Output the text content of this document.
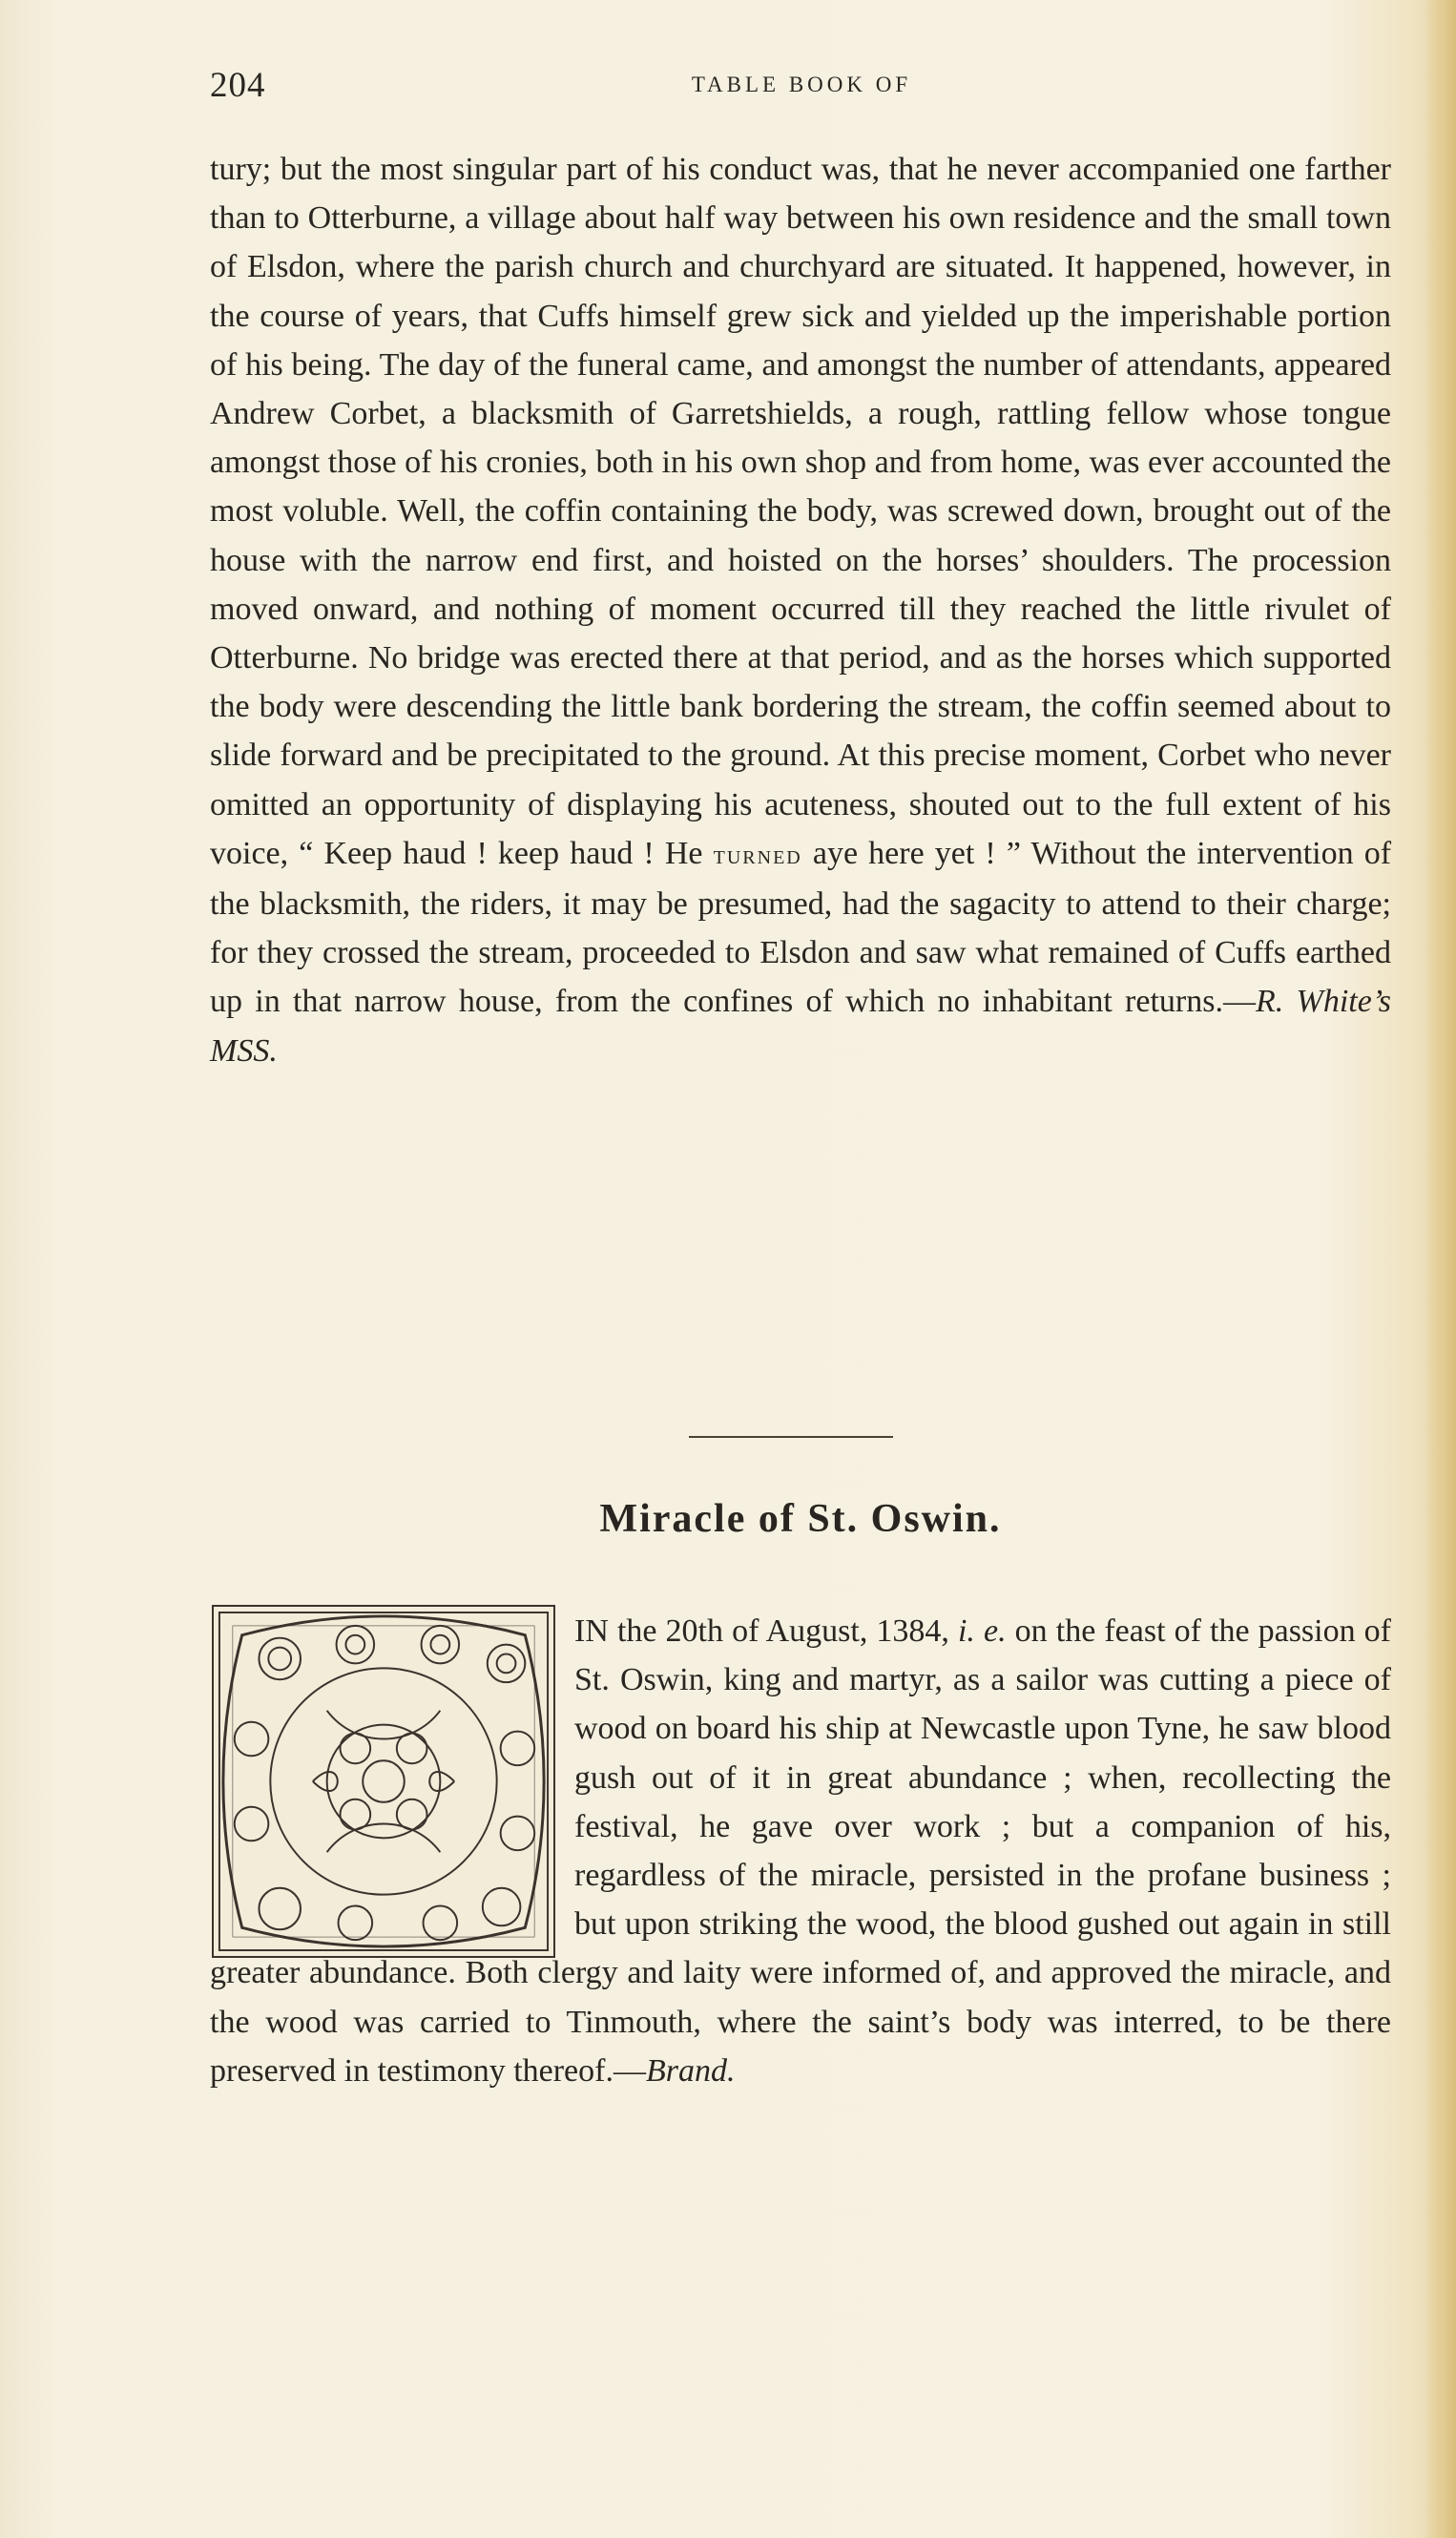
204	TABLE BOOK OF

tury; but the most singular part of his conduct was, that he never accompanied one farther than to Otterburne, a village about half way between his own residence and the small town of Elsdon, where the parish church and churchyard are situated. It happened, however, in the course of years, that Cuffs himself grew sick and yielded up the imperishable portion of his being. The day of the funeral came, and amongst the number of attendants, appeared Andrew Corbet, a blacksmith of Garretshields, a rough, rattling fellow whose tongue amongst those of his cronies, both in his own shop and from home, was ever accounted the most voluble. Well, the coffin containing the body, was screwed down, brought out of the house with the narrow end first, and hoisted on the horses’ shoulders. The procession moved onward, and nothing of moment occurred till they reached the little rivulet of Otterburne. No bridge was erected there at that period, and as the horses which supported the body were descending the little bank bordering the stream, the coffin seemed about to slide forward and be precipitated to the ground. At this precise moment, Corbet who never omitted an opportunity of displaying his acuteness, shouted out to the full extent of his voice, “ Keep haud ! keep haud ! He turned aye here yet ! ” Without the intervention of the blacksmith, the riders, it may be presumed, had the sagacity to attend to their charge; for they crossed the stream, proceeded to Elsdon and saw what remained of Cuffs earthed up in that narrow house, from the confines of which no inhabitant returns.—R. White’s MSS.

Miracle of St. Oswin.

IN the 20th of August, 1384, i. e. on the feast of the passion of St. Oswin, king and martyr, as a sailor was cutting a piece of wood on board his ship at Newcastle upon Tyne, he saw blood gush out of it in great abundance ; when, recollecting the festival, he gave over work ; but a companion of his, regardless of the miracle, persisted in the profane business ; but upon striking the wood, the blood gushed out again in still greater abundance. Both clergy and laity were informed of, and approved the miracle, and the wood was carried to Tinmouth, where the saint’s body was interred, to be there preserved in testimony thereof.—Brand.
